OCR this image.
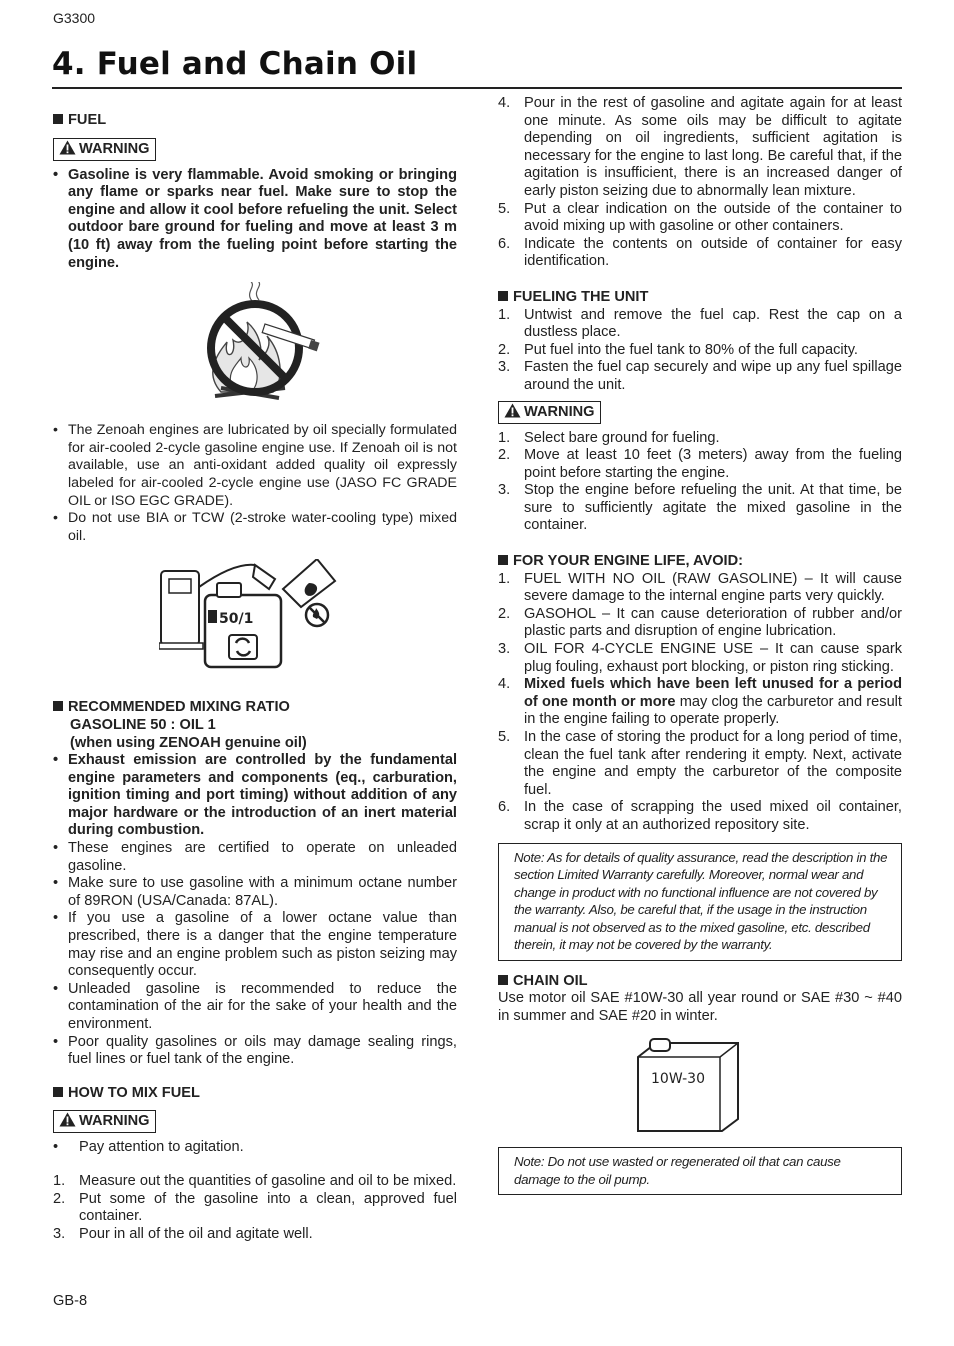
G3300
4. Fuel and Chain Oil
FUEL
WARNING
• Gasoline is very flammable. Avoid smoking or bringing any flame or sparks near fuel. Make sure to stop the engine and allow it cool before refueling the unit. Select outdoor bare ground for fueling and move at least 3 m (10 ft) away from the fueling point before starting the engine.
• The Zenoah engines are lubricated by oil specially formulated for air-cooled 2-cycle gasoline engine use. If Zenoah oil is not available, use an anti-oxidant added quality oil expressly labeled for air-cooled 2-cycle engine use (JASO FC GRADE OIL or ISO EGC GRADE).
• Do not use BIA or TCW (2-stroke water-cooling type) mixed oil.
50/1
RECOMMENDED MIXING RATIO
GASOLINE 50 : OIL 1
(when using ZENOAH genuine oil)
• Exhaust emission are controlled by the fundamental engine parameters and components (eq., carburation, ignition timing and port timing) without addition of any major hardware or the introduction of an inert material during combustion.
• These engines are certified to operate on unleaded gasoline.
• Make sure to use gasoline with a minimum octane number of 89RON (USA/Canada: 87AL).
• If you use a gasoline of a lower octane value than prescribed, there is a danger that the engine temperature may rise and an engine problem such as piston seizing may consequently occur.
• Unleaded gasoline is recommended to reduce the contamination of the air for the sake of your health and the environment.
• Poor quality gasolines or oils may damage sealing rings, fuel lines or fuel tank of the engine.
HOW TO MIX FUEL
WARNING
•	Pay attention to agitation.
1. Measure out the quantities of gasoline and oil to be mixed.
2. Put some of the gasoline into a clean, approved fuel container.
3. Pour in all of the oil and agitate well.
4. Pour in the rest of gasoline and agitate again for at least one minute. As some oils may be difficult to agitate depending on oil ingredients, sufficient agitation is necessary for the engine to last long. Be careful that, if the agitation is insufficient, there is an increased danger of early piston seizing due to abnormally lean mixture.
5. Put a clear indication on the outside of the container to avoid mixing up with gasoline or other containers.
6. Indicate the contents on outside of container for easy identification.
FUELING THE UNIT
1. Untwist and remove the fuel cap. Rest the cap on a dustless place.
2. Put fuel into the fuel tank to 80% of the full capacity.
3. Fasten the fuel cap securely and wipe up any fuel spillage around the unit.
WARNING
1. Select bare ground for fueling.
2. Move at least 10 feet (3 meters) away from the fueling point before starting the engine.
3. Stop the engine before refueling the unit. At that time, be sure to sufficiently agitate the mixed gasoline in the container.
FOR YOUR ENGINE LIFE, AVOID:
1. FUEL WITH NO OIL (RAW GASOLINE) – It will cause severe damage to the internal engine parts very quickly.
2. GASOHOL – It can cause deterioration of rubber and/or plastic parts and disruption of engine lubrication.
3. OIL FOR 4-CYCLE ENGINE USE – It can cause spark plug fouling, exhaust port blocking, or piston ring sticking.
4. Mixed fuels which have been left unused for a period of one month or more may clog the carburetor and result in the engine failing to operate properly.
5. In the case of storing the product for a long period of time, clean the fuel tank after rendering it empty. Next, activate the engine and empty the carburetor of the composite fuel.
6. In the case of scrapping the used mixed oil container, scrap it only at an authorized repository site.
Note: As for details of quality assurance, read the description in the section Limited Warranty carefully. Moreover, normal wear and change in product with no functional influence are not covered by the warranty. Also, be careful that, if the usage in the instruction manual is not observed as to the mixed gasoline, etc. described therein, it may not be covered by the warranty.
CHAIN OIL
Use motor oil SAE #10W-30 all year round or SAE #30 ~ #40 in summer and SAE #20 in winter.
10W-30
Note: Do not use wasted or regenerated oil that can cause damage to the oil pump.
GB-8
